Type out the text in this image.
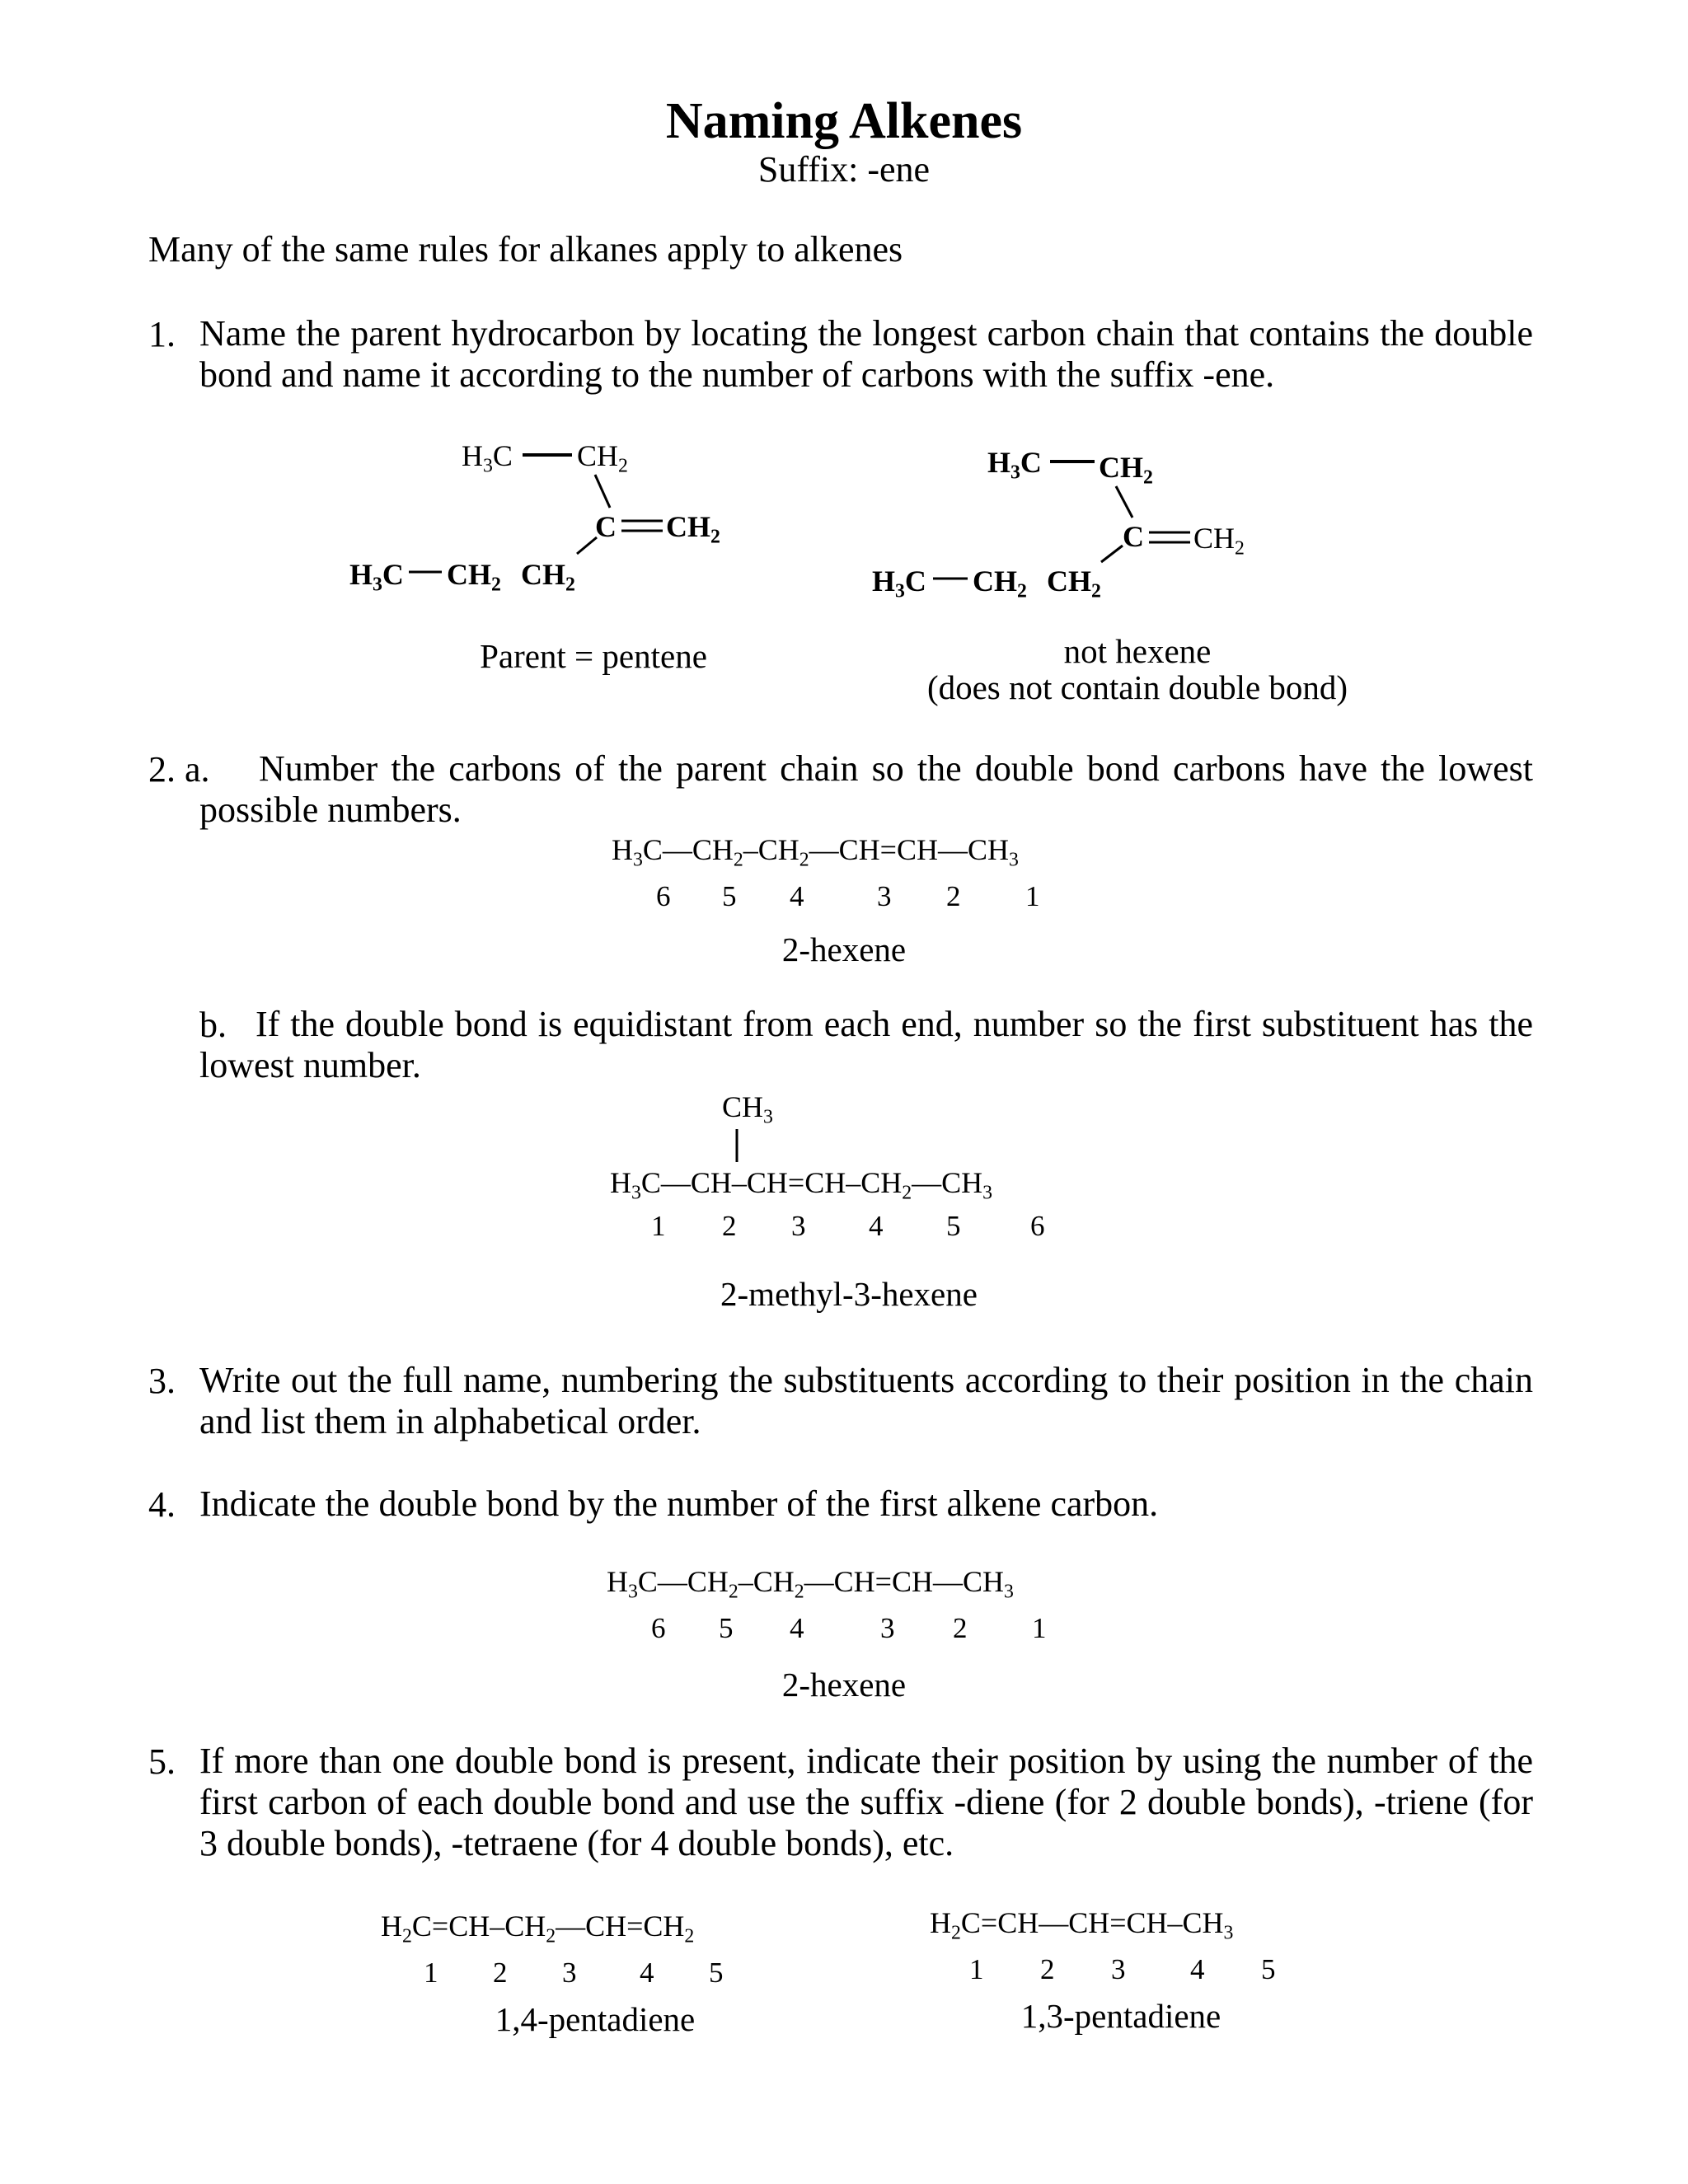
Naming Alkenes
Suffix: -ene
Many of the same rules for alkanes apply to alkenes
1. Name the parent hydrocarbon by locating the longest carbon chain that contains the double bond and name it according to the number of carbons with the suffix -ene.
$H_3C$ $CH_2$
C $CH_2$
$H_3C$ $CH_2$ $CH_2$
$H_3C$ $CH_2$
C $CH_2$
$H_3C$ $CH_2$ $CH_2$
Parent = pentene	not hexene
(does not contain double bond)
2. a.	Number the carbons of the parent chain so the double bond carbons have the lowest possible numbers.
$H_3C—CH_2-CH_2—CH=CH—CH_3$
6 5 4	3 2 1
2-hexene
b. If the double bond is equidistant from each end, number so the first substituent has the lowest number.
$CH_3$
$H_3C—CH-CH=CH-CH_2—CH_3$
1 2 3 4 5 6
2-methyl-3-hexene
3. Write out the full name, numbering the substituents according to their position in the chain and list them in alphabetical order.
4. Indicate the double bond by the number of the first alkene carbon.
$H_3C—CH_2-CH_2—CH=CH—CH_3$
6 5 4	3 2 1
2-hexene
5. If more than one double bond is present, indicate their position by using the number of the first carbon of each double bond and use the suffix -diene (for 2 double bonds), -triene (for 3 double bonds), -tetraene (for 4 double bonds), etc.
$H_2C=CH-CH_2—CH=CH_2$
1 2 3 4 5
1,4-pentadiene
$H_2C=CH—CH=CH-CH_3$
1 2 3 4 5
1,3-pentadiene
